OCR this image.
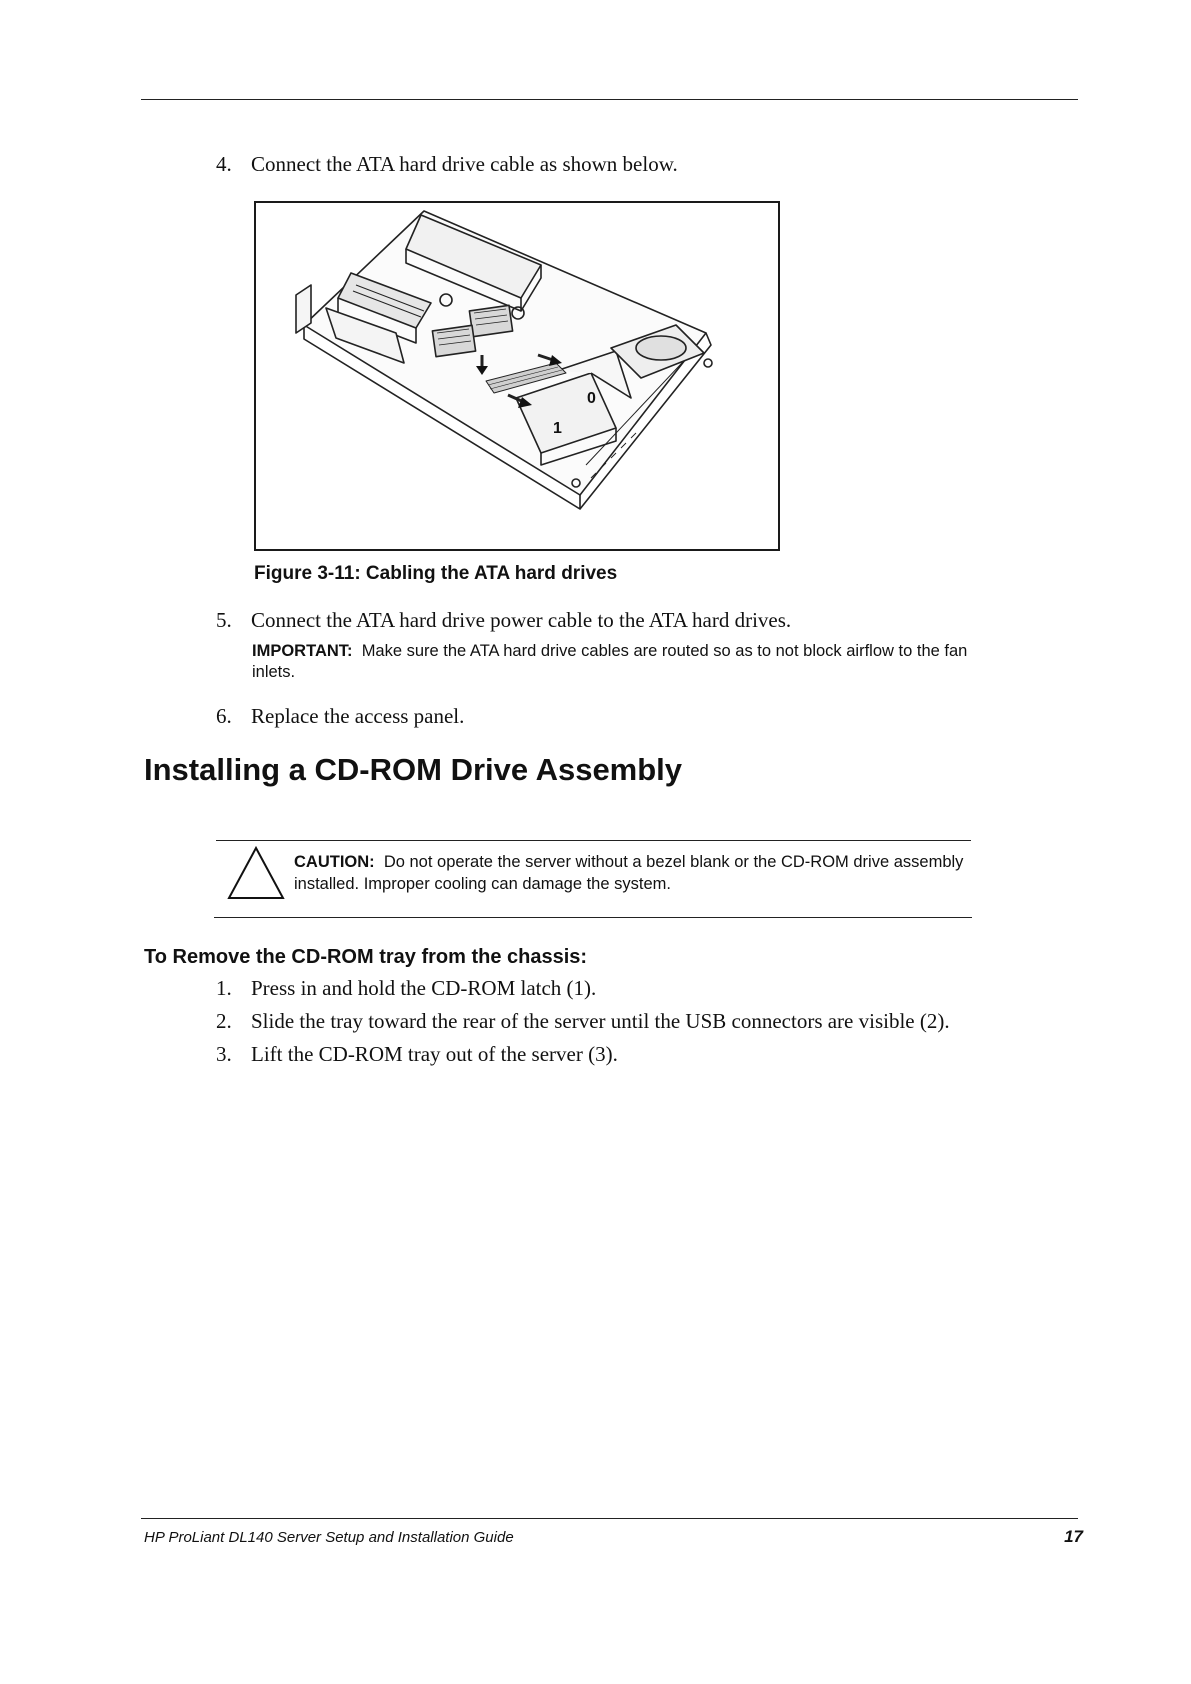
4. Connect the ATA hard drive cable as shown below.
0
1
Figure 3-11: Cabling the ATA hard drives
5. Connect the ATA hard drive power cable to the ATA hard drives.
IMPORTANT: Make sure the ATA hard drive cables are routed so as to not block airflow to the fan inlets.
6. Replace the access panel.
Installing a CD-ROM Drive Assembly
CAUTION: Do not operate the server without a bezel blank or the CD-ROM drive assembly installed. Improper cooling can damage the system.
To Remove the CD-ROM tray from the chassis:
1. Press in and hold the CD-ROM latch (1).
2. Slide the tray toward the rear of the server until the USB connectors are visible (2).
3. Lift the CD-ROM tray out of the server (3).
HP ProLiant DL140 Server Setup and Installation Guide	17
